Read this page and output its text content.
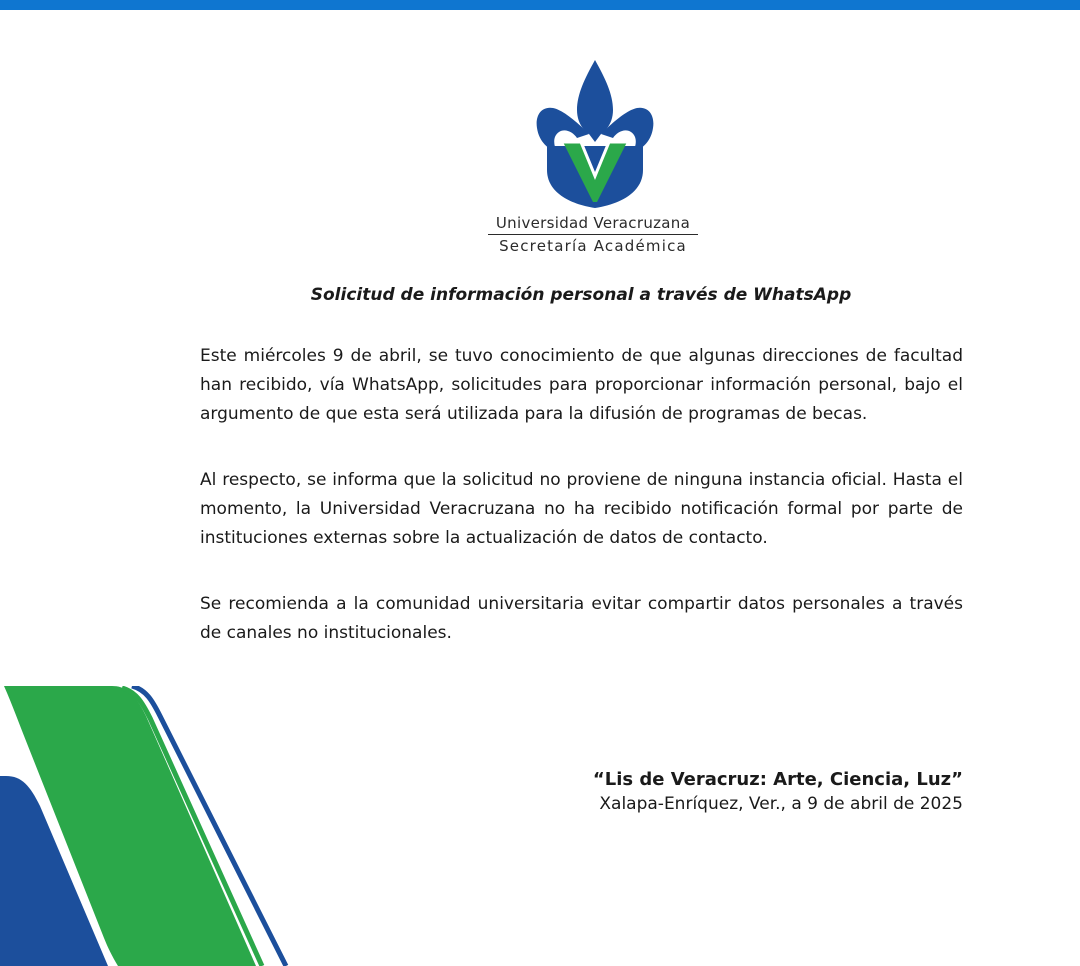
Universidad Veracruzana
Secretaría Académica
Solicitud de información personal a través de WhatsApp

Este miércoles 9 de abril, se tuvo conocimiento de que algunas direcciones de facultad han recibido, vía WhatsApp, solicitudes para proporcionar información personal, bajo el argumento de que esta será utilizada para la difusión de programas de becas.

Al respecto, se informa que la solicitud no proviene de ninguna instancia oficial. Hasta el momento, la Universidad Veracruzana no ha recibido notificación formal por parte de instituciones externas sobre la actualización de datos de contacto.

Se recomienda a la comunidad universitaria evitar compartir datos personales a través de canales no institucionales.

“Lis de Veracruz: Arte, Ciencia, Luz”
Xalapa-Enríquez, Ver., a 9 de abril de 2025
